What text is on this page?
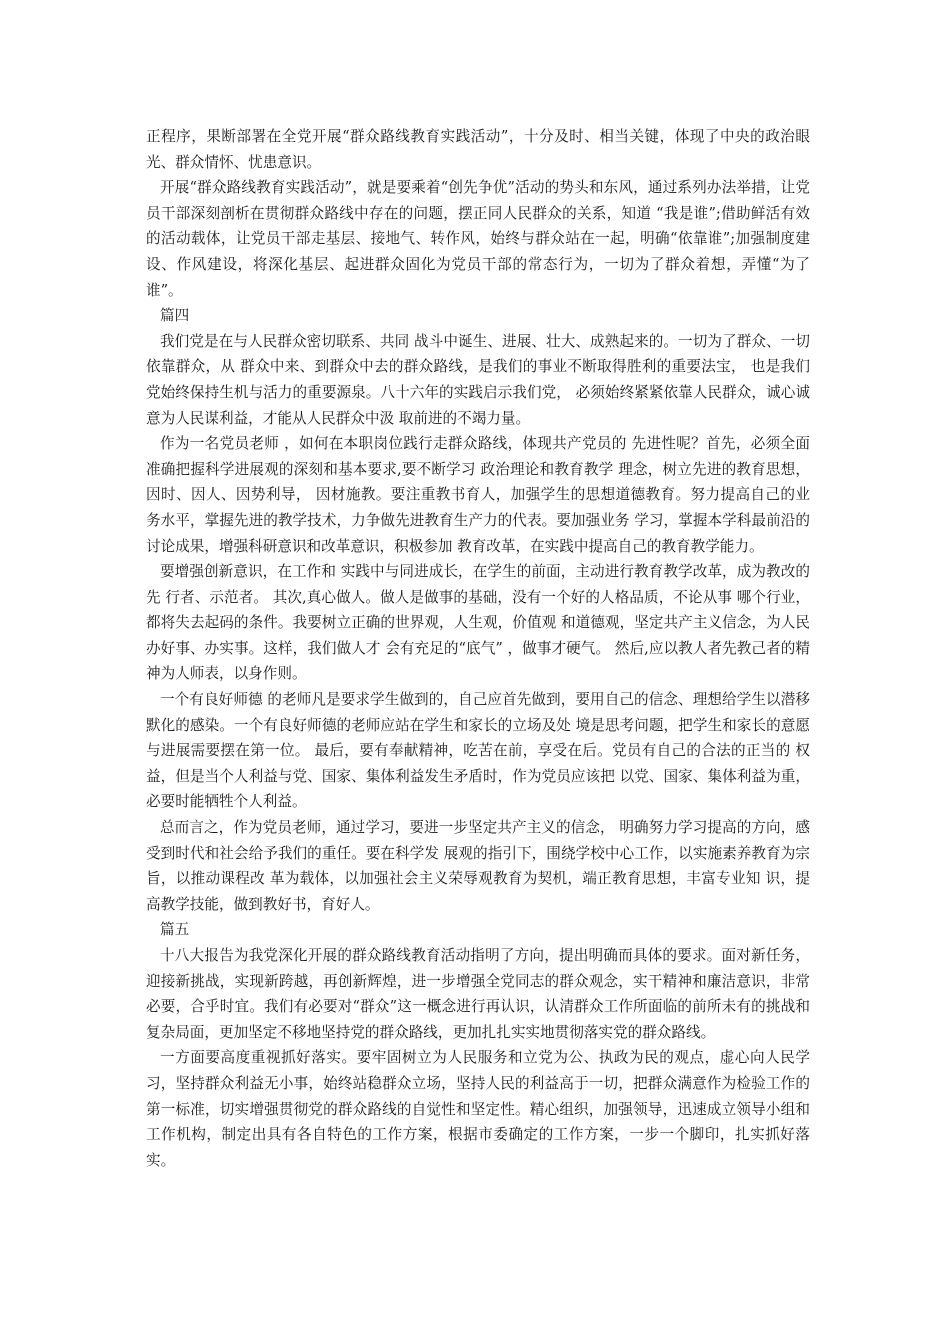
正程序，果断部署在全党开展“群众路线教育实践活动”，十分及时、相当关键，体现了中央的政治眼光、群众情怀、忧患意识。

开展“群众路线教育实践活动”，就是要乘着“创先争优”活动的势头和东风，通过系列办法举措，让党员干部深刻剖析在贯彻群众路线中存在的问题，摆正同人民群众的关系，知道 “我是谁”;借助鲜活有效的活动载体，让党员干部走基层、接地气、转作风，始终与群众站在一起，明确“依靠谁”;加强制度建设、作风建设，将深化基层、起进群众固化为党员干部的常态行为，一切为了群众着想，弄懂“为了谁”。

篇四

我们党是在与人民群众密切联系、共同 战斗中诞生、进展、壮大、成熟起来的。一切为了群众、一切依靠群众，从 群众中来、到群众中去的群众路线，是我们的事业不断取得胜利的重要法宝， 也是我们党始终保持生机与活力的重要源泉。八十六年的实践启示我们党， 必须始终紧紧依靠人民群众，诚心诚意为人民谋利益，才能从人民群众中汲 取前进的不竭力量。

作为一名党员老师 ，如何在本职岗位践行走群众路线，体现共产党员的 先进性呢？首先，必须全面准确把握科学进展观的深刻和基本要求,要不断学习 政治理论和教育教学 理念，树立先进的教育思想，因时、因人、因势利导， 因材施教。要注重教书育人，加强学生的思想道德教育。努力提高自己的业 务水平，掌握先进的教学技术，力争做先进教育生产力的代表。要加强业务 学习，掌握本学科最前沿的讨论成果，增强科研意识和改革意识，积极参加 教育改革，在实践中提高自己的教育教学能力。

要增强创新意识，在工作和 实践中与同进成长，在学生的前面，主动进行教育教学改革，成为教改的先 行者、示范者。 其次,真心做人。做人是做事的基础，没有一个好的人格品质，不论从事 哪个行业，都将失去起码的条件。我要树立正确的世界观，人生观，价值观 和道德观，坚定共产主义信念，为人民办好事、办实事。这样，我们做人才 会有充足的“底气” ，做事才硬气。 然后,应以教人者先教己者的精神为人师表，以身作则。

一个有良好师德 的老师凡是要求学生做到的，自己应首先做到，要用自己的信念、理想给学生以潜移默化的感染。一个有良好师德的老师应站在学生和家长的立场及处 境是思考问题，把学生和家长的意愿与进展需要摆在第一位。 最后，要有奉献精神，吃苦在前，享受在后。党员有自己的合法的正当的 权益，但是当个人利益与党、国家、集体利益发生矛盾时，作为党员应该把 以党、国家、集体利益为重，必要时能牺牲个人利益。

总而言之，作为党员老师，通过学习，要进一步坚定共产主义的信念， 明确努力学习提高的方向，感受到时代和社会给予我们的重任。要在科学发 展观的指引下，围绕学校中心工作，以实施素养教育为宗旨，以推动课程改 革为载体，以加强社会主义荣辱观教育为契机，端正教育思想，丰富专业知 识，提高教学技能，做到教好书，育好人。

篇五

十八大报告为我党深化开展的群众路线教育活动指明了方向，提出明确而具体的要求。面对新任务，迎接新挑战，实现新跨越，再创新辉煌，进一步增强全党同志的群众观念，实干精神和廉洁意识，非常必要，合乎时宜。我们有必要对“群众”这一概念进行再认识，认清群众工作所面临的前所未有的挑战和复杂局面，更加坚定不移地坚持党的群众路线，更加扎扎实实地贯彻落实党的群众路线。

一方面要高度重视抓好落实。要牢固树立为人民服务和立党为公、执政为民的观点，虚心向人民学习，坚持群众利益无小事，始终站稳群众立场，坚持人民的利益高于一切，把群众满意作为检验工作的第一标准，切实增强贯彻党的群众路线的自觉性和坚定性。精心组织，加强领导，迅速成立领导小组和工作机构，制定出具有各自特色的工作方案，根据市委确定的工作方案，一步一个脚印，扎实抓好落实。
